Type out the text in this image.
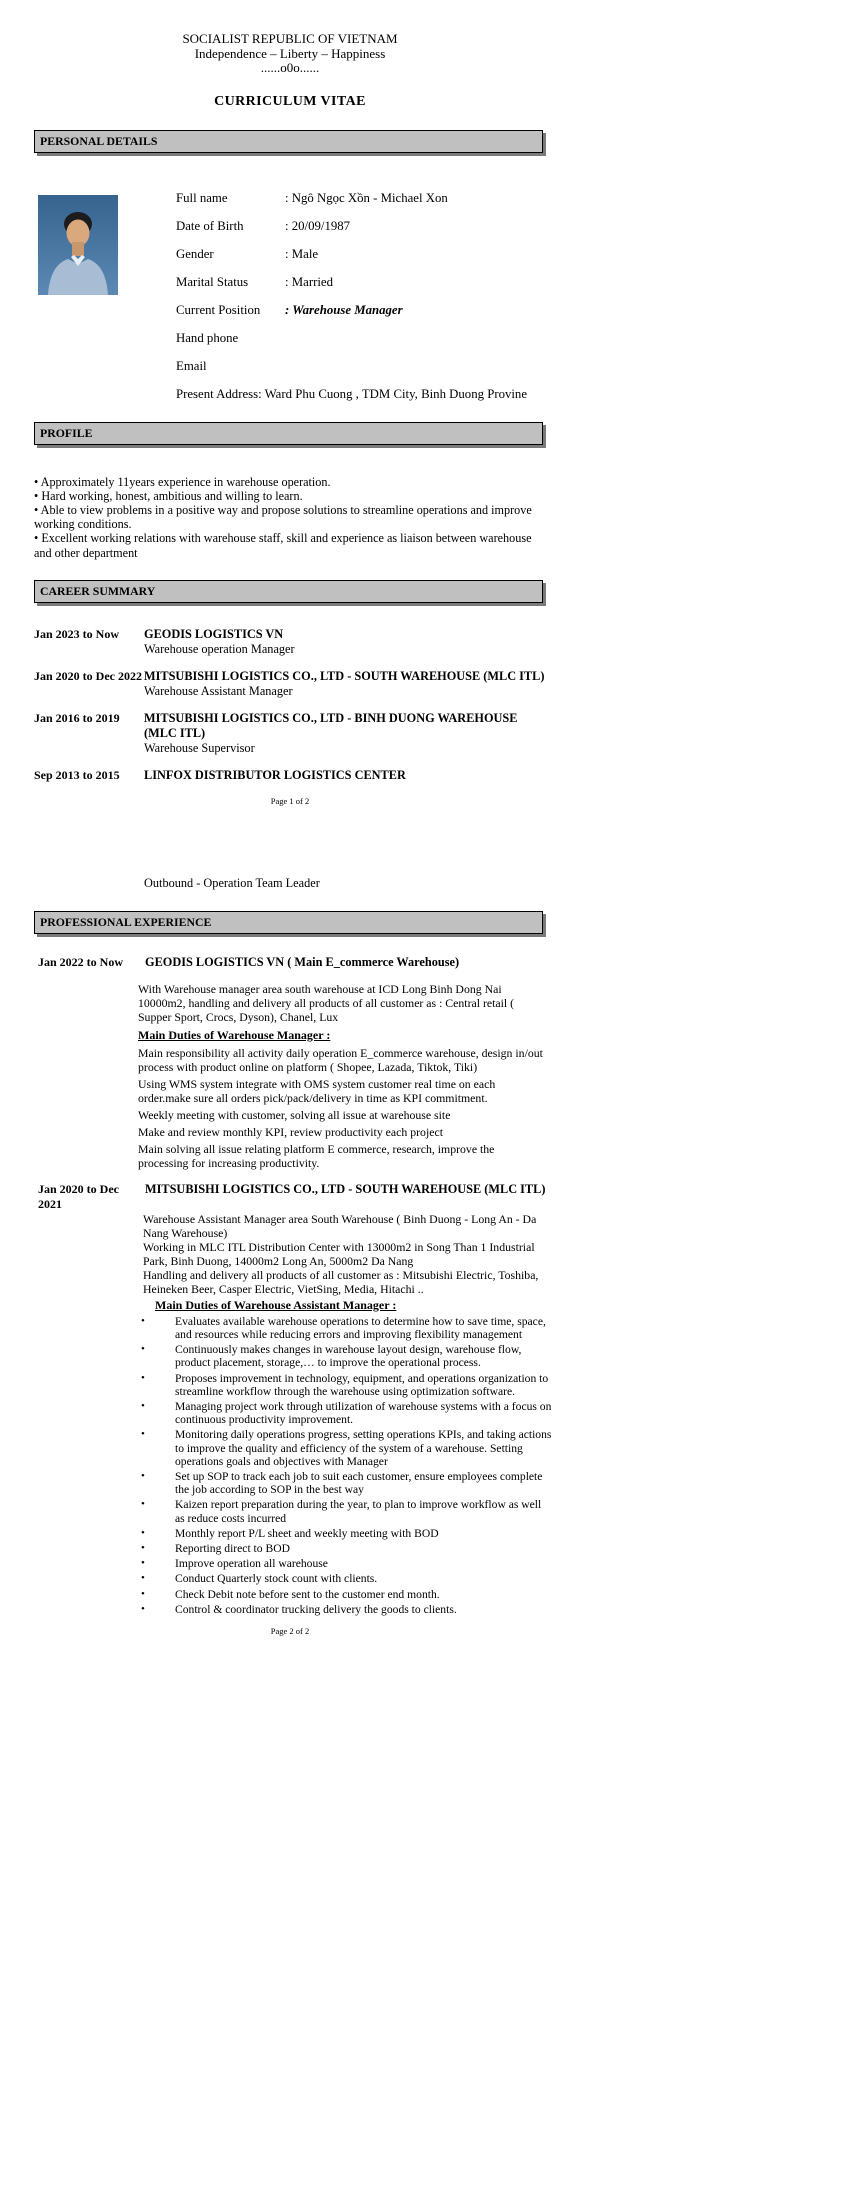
SOCIALIST REPUBLIC OF VIETNAM
Independence – Liberty – Happiness
......o0o......
CURRICULUM VITAE
PERSONAL DETAILS
Full name	: Ngô Ngọc Xồn - Michael Xon
Date of Birth	: 20/09/1987
Gender	: Male
Marital Status	: Married
Current Position : Warehouse Manager
Hand phone
Email
Present Address: Ward Phu Cuong , TDM City, Binh Duong Provine
PROFILE
• Approximately 11years experience in warehouse operation.
• Hard working, honest, ambitious and willing to learn.
• Able to view problems in a positive way and propose solutions to streamline operations and improve working conditions.
• Excellent working relations with warehouse staff, skill and experience as liaison between warehouse and other department
CAREER SUMMARY
Jan 2023 to Now	GEODIS LOGISTICS VN
Warehouse operation Manager
Jan 2020 to Dec 2022 MITSUBISHI LOGISTICS CO., LTD - SOUTH WAREHOUSE (MLC ITL)
Warehouse Assistant Manager
Jan 2016 to 2019	MITSUBISHI LOGISTICS CO., LTD - BINH DUONG WAREHOUSE (MLC ITL)
Warehouse Supervisor
Sep 2013 to 2015	LINFOX DISTRIBUTOR LOGISTICS CENTER
Page 1 of 2
Outbound - Operation Team Leader
PROFESSIONAL EXPERIENCE
Jan 2022 to Now	GEODIS LOGISTICS VN ( Main E_commerce Warehouse)
With Warehouse manager area south warehouse at ICD Long Binh Dong Nai 10000m2, handling and delivery all products of all customer as : Central retail ( Supper Sport, Crocs, Dyson), Chanel, Lux
Main Duties of Warehouse Manager :
Main responsibility all activity daily operation E_commerce warehouse, design in/out process with product online on platform ( Shopee, Lazada, Tiktok, Tiki)
Using WMS system integrate with OMS system customer real time on each order.make sure all orders pick/pack/delivery in time as KPI commitment.
Weekly meeting with customer, solving all issue at warehouse site
Make and review monthly KPI, review productivity each project
Main solving all issue relating platform E commerce, research, improve the processing for increasing productivity.
Jan 2020 to Dec 2021
MITSUBISHI LOGISTICS CO., LTD - SOUTH WAREHOUSE (MLC ITL)
Warehouse Assistant Manager area South Warehouse ( Binh Duong - Long An - Da Nang Warehouse)
Working in MLC ITL Distribution Center with 13000m2 in Song Than 1 Industrial Park, Binh Duong, 14000m2 Long An, 5000m2 Da Nang
Handling and delivery all products of all customer as : Mitsubishi Electric, Toshiba, Heineken Beer, Casper Electric, VietSing, Media, Hitachi ..
Main Duties of Warehouse Assistant Manager :
• Evaluates available warehouse operations to determine how to save time, space, and resources while reducing errors and improving flexibility management
• Continuously makes changes in warehouse layout design, warehouse flow, product placement, storage,… to improve the operational process.
• Proposes improvement in technology, equipment, and operations organization to streamline workflow through the warehouse using optimization software.
• Managing project work through utilization of warehouse systems with a focus on continuous productivity improvement.
• Monitoring daily operations progress, setting operations KPIs, and taking actions to improve the quality and efficiency of the system of a warehouse. Setting operations goals and objectives with Manager
• Set up SOP to track each job to suit each customer, ensure employees complete the job according to SOP in the best way
• Kaizen report preparation during the year, to plan to improve workflow as well as reduce costs incurred
• Monthly report P/L sheet and weekly meeting with BOD
• Reporting direct to BOD
• Improve operation all warehouse
• Conduct Quarterly stock count with clients.
• Check Debit note before sent to the customer end month.
• Control & coordinator trucking delivery the goods to clients.
Page 2 of 2
